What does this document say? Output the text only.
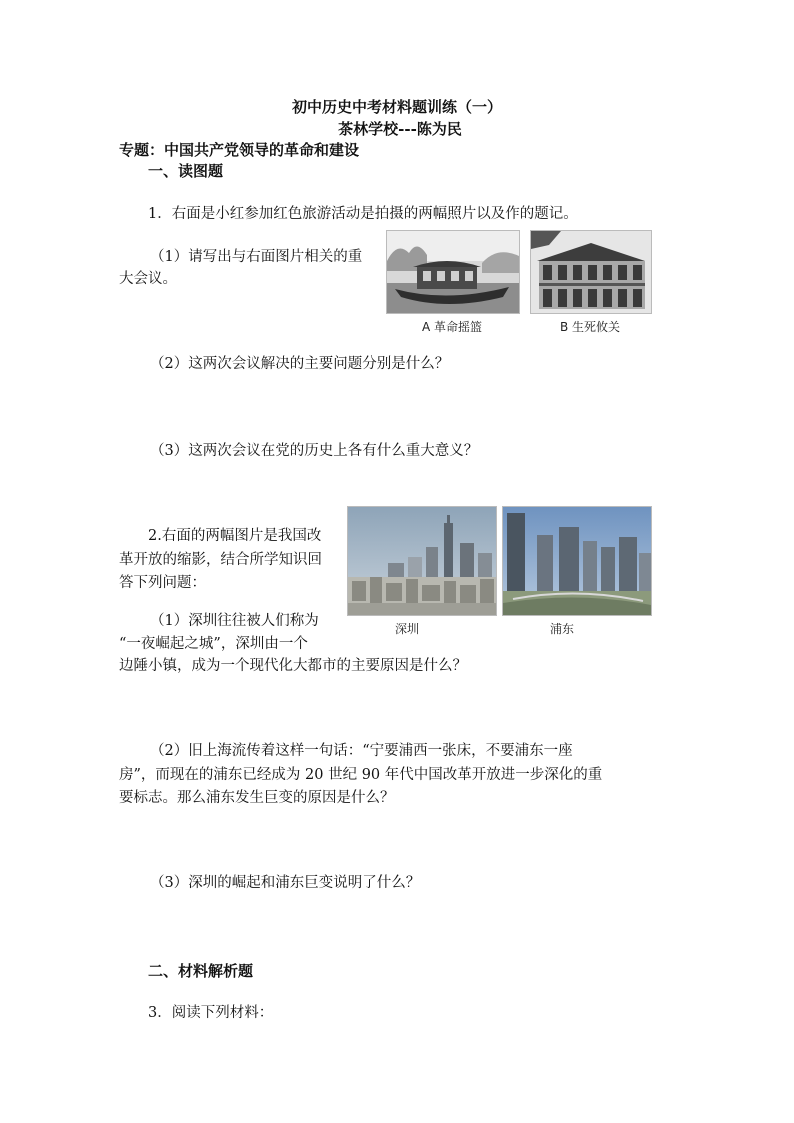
初中历史中考材料题训练（一）
茶林学校---陈为民
专题：中国共产党领导的革命和建设
一、读图题
1．右面是小红参加红色旅游活动是拍摄的两幅照片以及作的题记。
（1）请写出与右面图片相关的重
大会议。
A 革命摇篮	B 生死攸关
（2）这两次会议解决的主要问题分别是什么？
（3）这两次会议在党的历史上各有什么重大意义？
2.右面的两幅图片是我国改
革开放的缩影，结合所学知识回
答下列问题：
深圳	浦东
（1）深圳往往被人们称为
“一夜崛起之城”，深圳由一个
边陲小镇，成为一个现代化大都市的主要原因是什么？
（2）旧上海流传着这样一句话：“宁要浦西一张床，不要浦东一座
房”，而现在的浦东已经成为 20 世纪 90 年代中国改革开放进一步深化的重
要标志。那么浦东发生巨变的原因是什么？
（3）深圳的崛起和浦东巨变说明了什么？
二、材料解析题
3．阅读下列材料：
